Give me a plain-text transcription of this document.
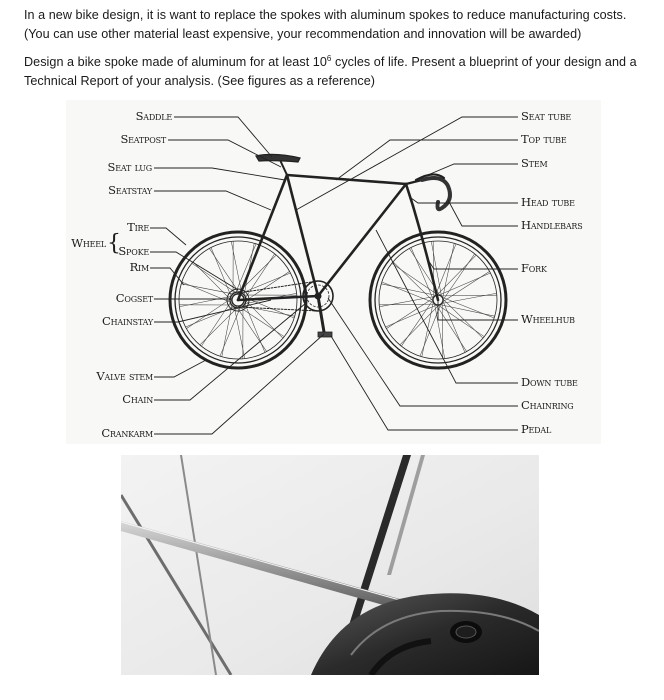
In a new bike design, it is want to replace the spokes with aluminum spokes to reduce manufacturing costs. (You can use other material least expensive, your recommendation and innovation will be awarded)
Design a bike spoke made of aluminum for at least $10^6$ cycles of life. Present a blueprint of your design and a Technical Report of your analysis. (See figures as a reference)
Saddle
Seatpost
Seat lug
Seatstay
Tire
Wheel {
Spoke
Rim
Cogset
Chainstay
Valve stem
Chain
Crankarm
Seat tube
Top tube
Stem
Head tube
Handlebars
Fork
Wheelhub
Down tube
Chainring
Pedal
